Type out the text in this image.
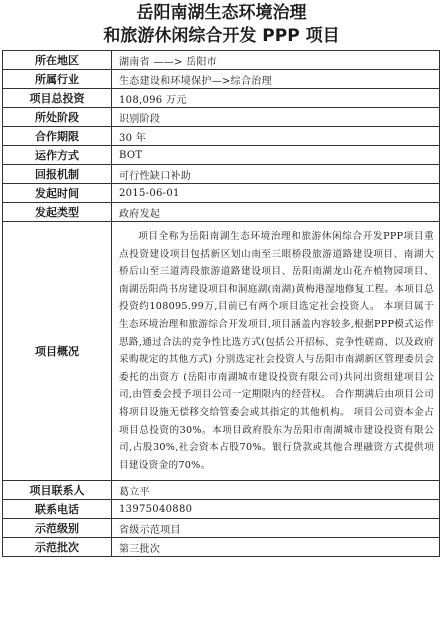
岳阳南湖生态环境治理
和旅游休闲综合开发 PPP 项目
所在地区	湖南省 ——> 岳阳市
所属行业	生态建设和环境保护—>综合治理
项目总投资	108,096 万元
所处阶段	识别阶段
合作期限	30 年
运作方式	BOT
回报机制	可行性缺口补助
发起时间	2015-06-01
发起类型	政府发起
项目概况	项目全称为岳阳南湖生态环境治理和旅游休闲综合开发PPP项目重点投资建设项目包括新区划山南至三眼桥段旅游道路建设项目、南湖大桥后山至三道湾段旅游道路建设项目、岳阳南湖龙山花卉植物园项目、南湖岳阳尚书房建设项目和洞庭湖(南湖)黄梅港湿地修复工程。本项目总投资约108095.99万,目前已有两个项目选定社会投资人。 本项目属于生态环境治理和旅游综合开发项目,项目涵盖内容较多,根据PPP模式运作思路,通过合法的竞争性比选方式(包括公开招标、竞争性磋商、以及政府采购规定的其他方式) 分别选定社会投资人与岳阳市南湖新区管理委员会委托的出资方 (岳阳市南湖城市建设投资有限公司)共同出资组建项目公司,由管委会授予项目公司一定期限内的经营权。 合作期满后由项目公司将项目设施无偿移交给管委会或其指定的其他机构。 项目公司资本金占项目总投资的30%。本项目政府股东为岳阳市南湖城市建设投资有限公司,占股30%,社会资本占股70%。银行贷款或其他合理融资方式提供项目建设资金的70%。

项目联系人	葛立平
联系电话	13975040880
示范级别	省级示范项目
示范批次	第三批次
